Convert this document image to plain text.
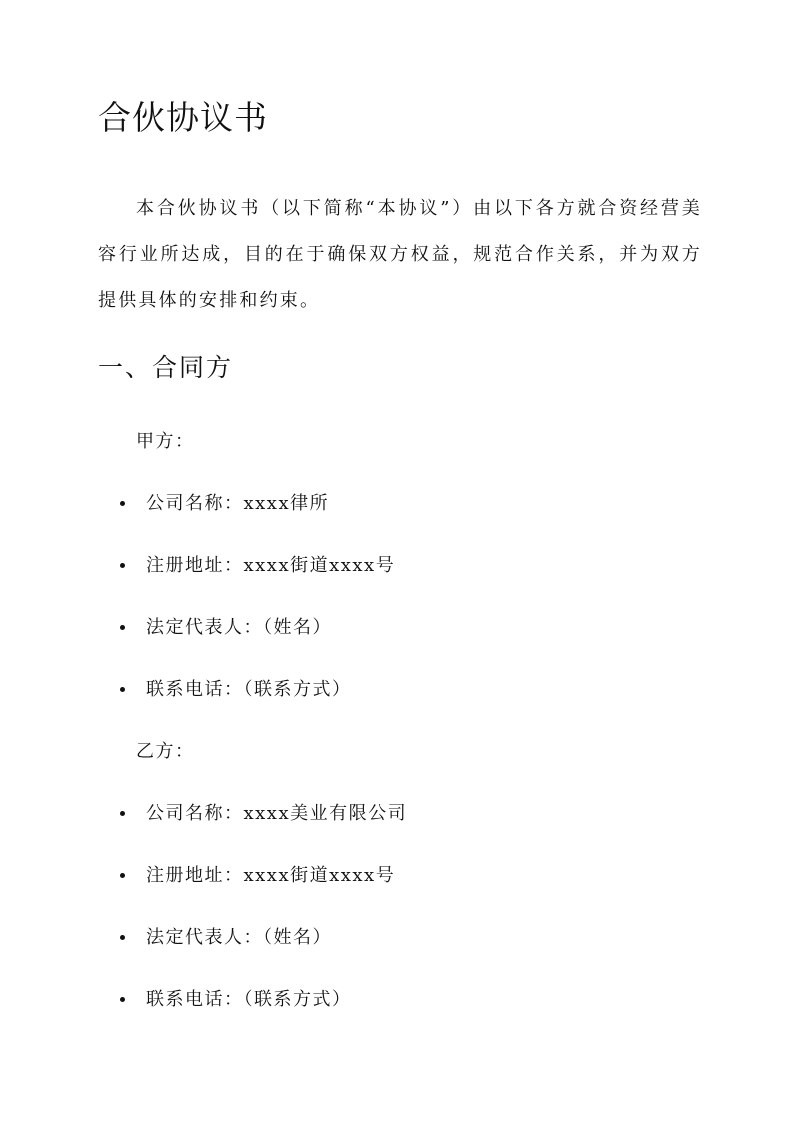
合伙协议书

本合伙协议书（以下简称“本协议”）由以下各方就合资经营美容行业所达成，目的在于确保双方权益，规范合作关系，并为双方提供具体的安排和约束。

一、合同方

甲方：

公司名称：xxxx律所
注册地址：xxxx街道xxxx号
法定代表人：（姓名）
联系电话：（联系方式）

乙方：

公司名称：xxxx美业有限公司
注册地址：xxxx街道xxxx号
法定代表人：（姓名）
联系电话：（联系方式）
